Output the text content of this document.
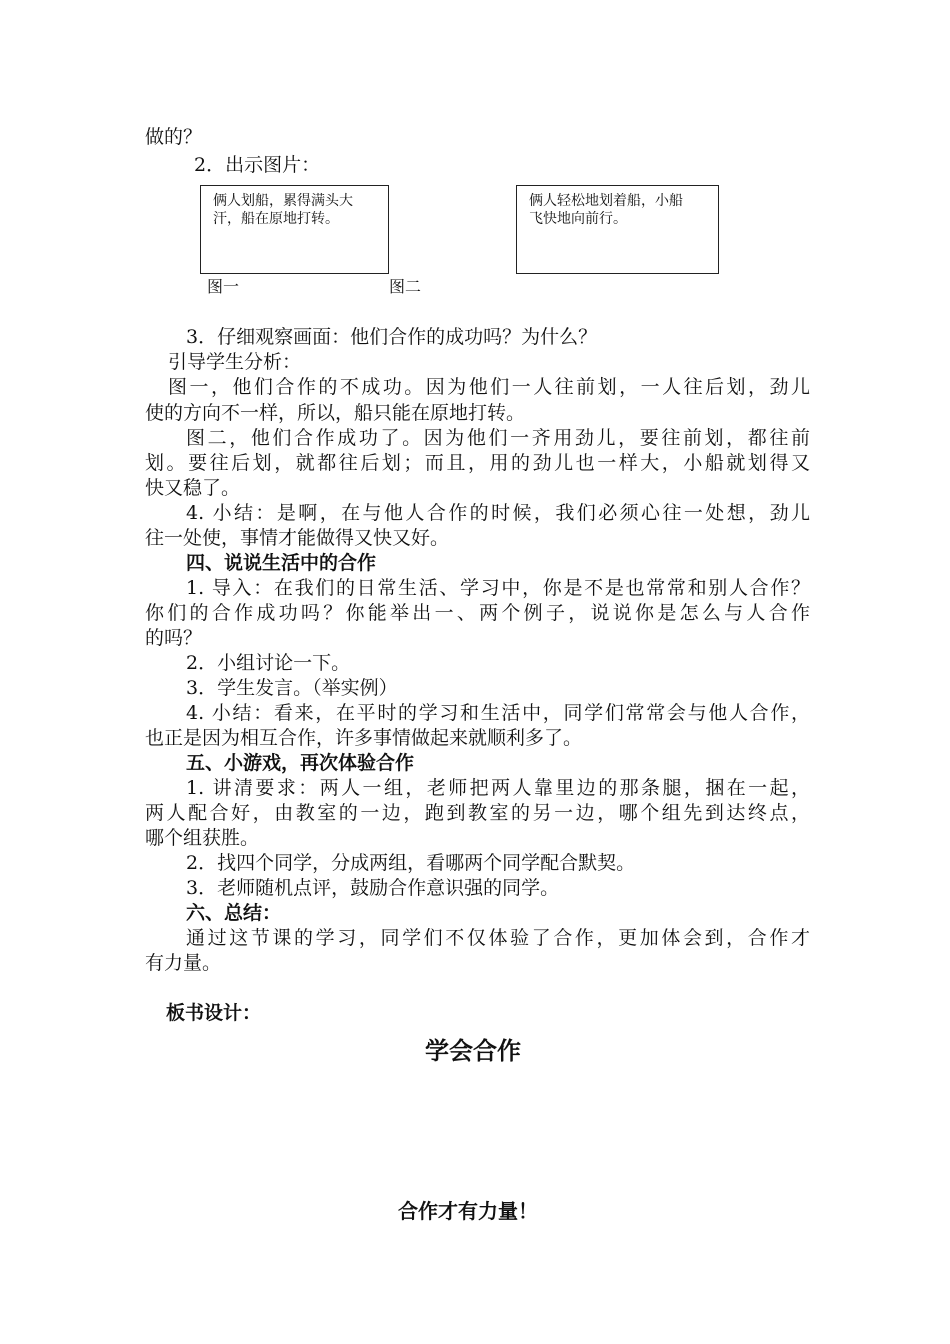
做的？
2．出示图片：
俩人划船，累得满头大
汗，船在原地打转。
俩人轻松地划着船，小船
飞快地向前行。
图一	图二
3．仔细观察画面：他们合作的成功吗？为什么？
引导学生分析：
图一，他们合作的不成功。因为他们一人往前划，一人往后划，劲儿
使的方向不一样，所以，船只能在原地打转。
图二，他们合作成功了。因为他们一齐用劲儿，要往前划，都往前
划。要往后划，就都往后划；而且，用的劲儿也一样大，小船就划得又
快又稳了。
4. 小结：是啊，在与他人合作的时候，我们必须心往一处想，劲儿
往一处使，事情才能做得又快又好。
四、说说生活中的合作
1. 导入：在我们的日常生活、学习中，你是不是也常常和别人合作？
你们的合作成功吗？你能举出一、两个例子，说说你是怎么与人合作
的吗？
2．小组讨论一下。
3．学生发言。（举实例）
4. 小结：看来，在平时的学习和生活中，同学们常常会与他人合作，
也正是因为相互合作，许多事情做起来就顺利多了。
五、小游戏，再次体验合作
1. 讲清要求：两人一组，老师把两人靠里边的那条腿，捆在一起，
两人配合好，由教室的一边，跑到教室的另一边，哪个组先到达终点，
哪个组获胜。
2．找四个同学，分成两组，看哪两个同学配合默契。
3．老师随机点评，鼓励合作意识强的同学。
六、总结：
通过这节课的学习，同学们不仅体验了合作，更加体会到，合作才
有力量。
板书设计：
学会合作
合作才有力量！
